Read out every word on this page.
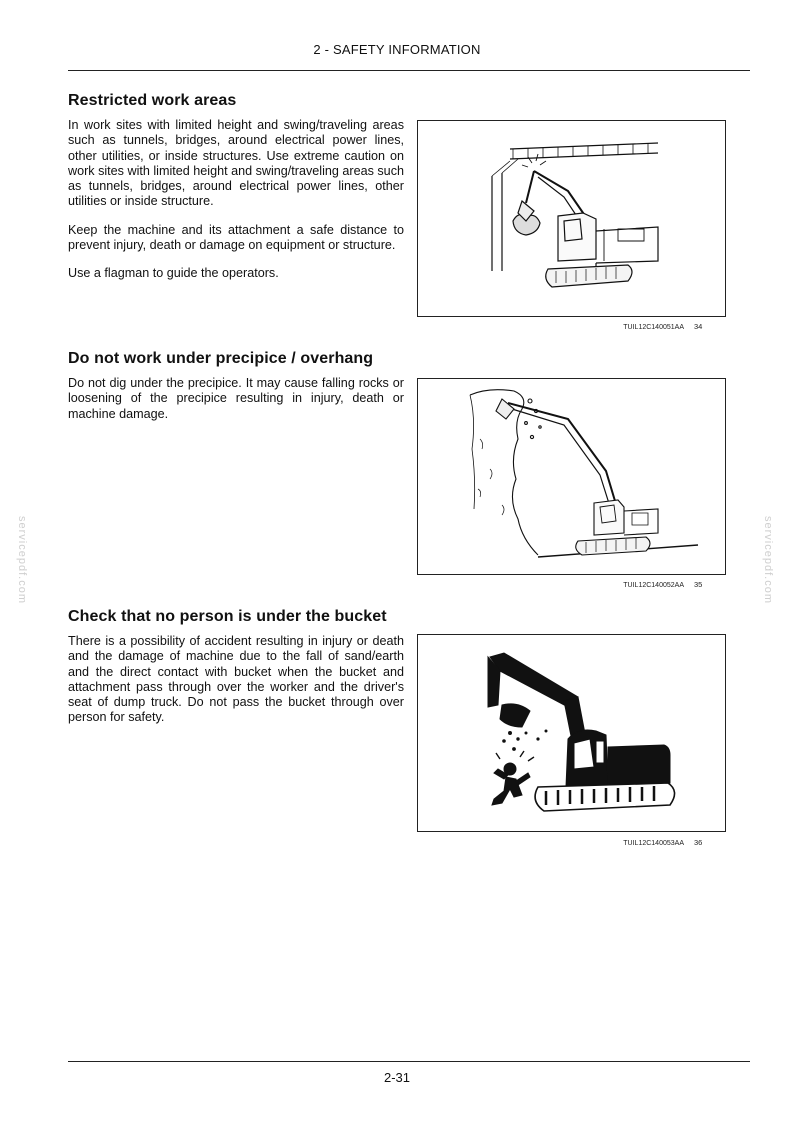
2 - SAFETY INFORMATION
servicepdf.com	servicepdf.com
Restricted work areas

In work sites with limited height and swing/traveling areas such as tunnels, bridges, around electrical power lines, other utilities, or inside structures. Use extreme caution on work sites with limited height and swing/traveling areas such as tunnels, bridges, around electrical power lines, other utilities or inside structure.

Keep the machine and its attachment a safe distance to prevent injury, death or damage on equipment or structure.

Use a flagman to guide the operators.

TUIL12C140051AA 34
Do not work under precipice / overhang

Do not dig under the precipice. It may cause falling rocks or loosening of the precipice resulting in injury, death or machine damage.

TUIL12C140052AA 35
Check that no person is under the bucket

There is a possibility of accident resulting in injury or death and the damage of machine due to the fall of sand/earth and the direct contact with bucket when the bucket and attachment pass through over the worker and the driver's seat of dump truck. Do not pass the bucket through over person for safety.

TUIL12C140053AA 36
2-31
